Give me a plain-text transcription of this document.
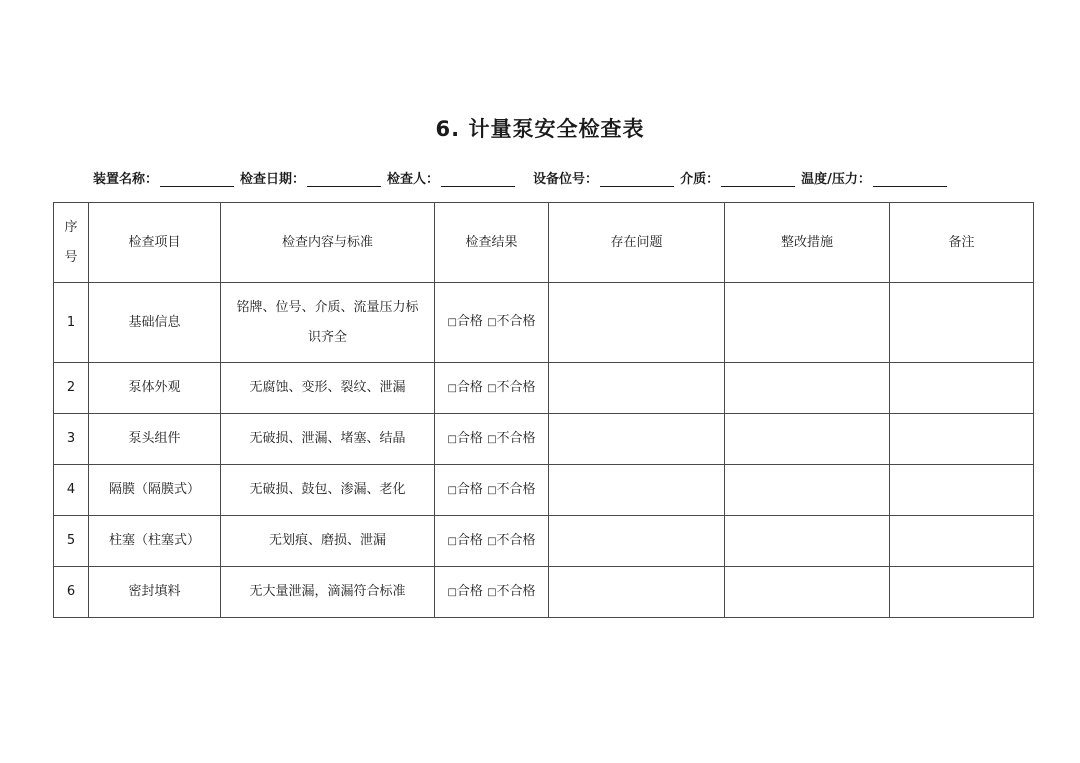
6. 计量泵安全检查表
装置名称：	检查日期：	检查人：	设备位号：	介质：	温度/压力：
序
号	检查项目	检查内容与标准	检查结果	存在问题	整改措施	备注
1	基础信息	铭牌、位号、介质、流量压力标识齐全	□合格 □不合格			
2	泵体外观	无腐蚀、变形、裂纹、泄漏	□合格 □不合格			
3	泵头组件	无破损、泄漏、堵塞、结晶	□合格 □不合格			
4	隔膜（隔膜式）	无破损、鼓包、渗漏、老化	□合格 □不合格			
5	柱塞（柱塞式）	无划痕、磨损、泄漏	□合格 □不合格			
6	密封填料	无大量泄漏，滴漏符合标准	□合格 □不合格			
